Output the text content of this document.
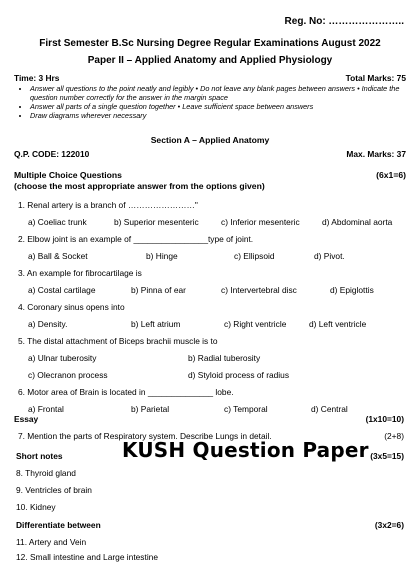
Reg. No: …………………..
First Semester B.Sc Nursing Degree Regular Examinations August 2022
Paper II – Applied Anatomy and Applied Physiology
Time: 3 Hrs	Total Marks: 75
• Answer all questions to the point neatly and legibly • Do not leave any blank pages between answers • Indicate the question number correctly for the answer in the margin space
• Answer all parts of a single question together • Leave sufficient space between answers
• Draw diagrams wherever necessary
Section A – Applied Anatomy
Q.P. CODE: 122010	Max. Marks: 37
Multiple Choice Questions	(6x1=6)
(choose the most appropriate answer from the options given)
1. Renal artery is a branch of ……………………"
a) Coeliac trunk	b) Superior mesenteric	c) Inferior mesenteric	d) Abdominal aorta
2. Elbow joint is an example of ________________type of joint.
a) Ball & Socket	b) Hinge	c) Ellipsoid	d) Pivot.
3. An example for fibrocartilage is
a) Costal cartilage	b) Pinna of ear	c) Intervertebral disc	d) Epiglottis
4. Coronary sinus opens into
a) Density.	b) Left atrium	c) Right ventricle	d) Left ventricle
5. The distal attachment of Biceps brachii muscle is to
a) Ulnar tuberosity	b) Radial tuberosity
c) Olecranon process	d) Styloid process of radius
6. Motor area of Brain is located in ______________ lobe.
a) Frontal	b) Parietal	c) Temporal	d) Central
Essay	(1x10=10)
7. Mention the parts of Respiratory system. Describe Lungs in detail.	(2+8)
Short notes	(3x5=15)
8. Thyroid gland
9. Ventricles of brain
10. Kidney
KUSH Question Paper
Differentiate between	(3x2=6)
11. Artery and Vein
12. Small intestine and Large intestine
